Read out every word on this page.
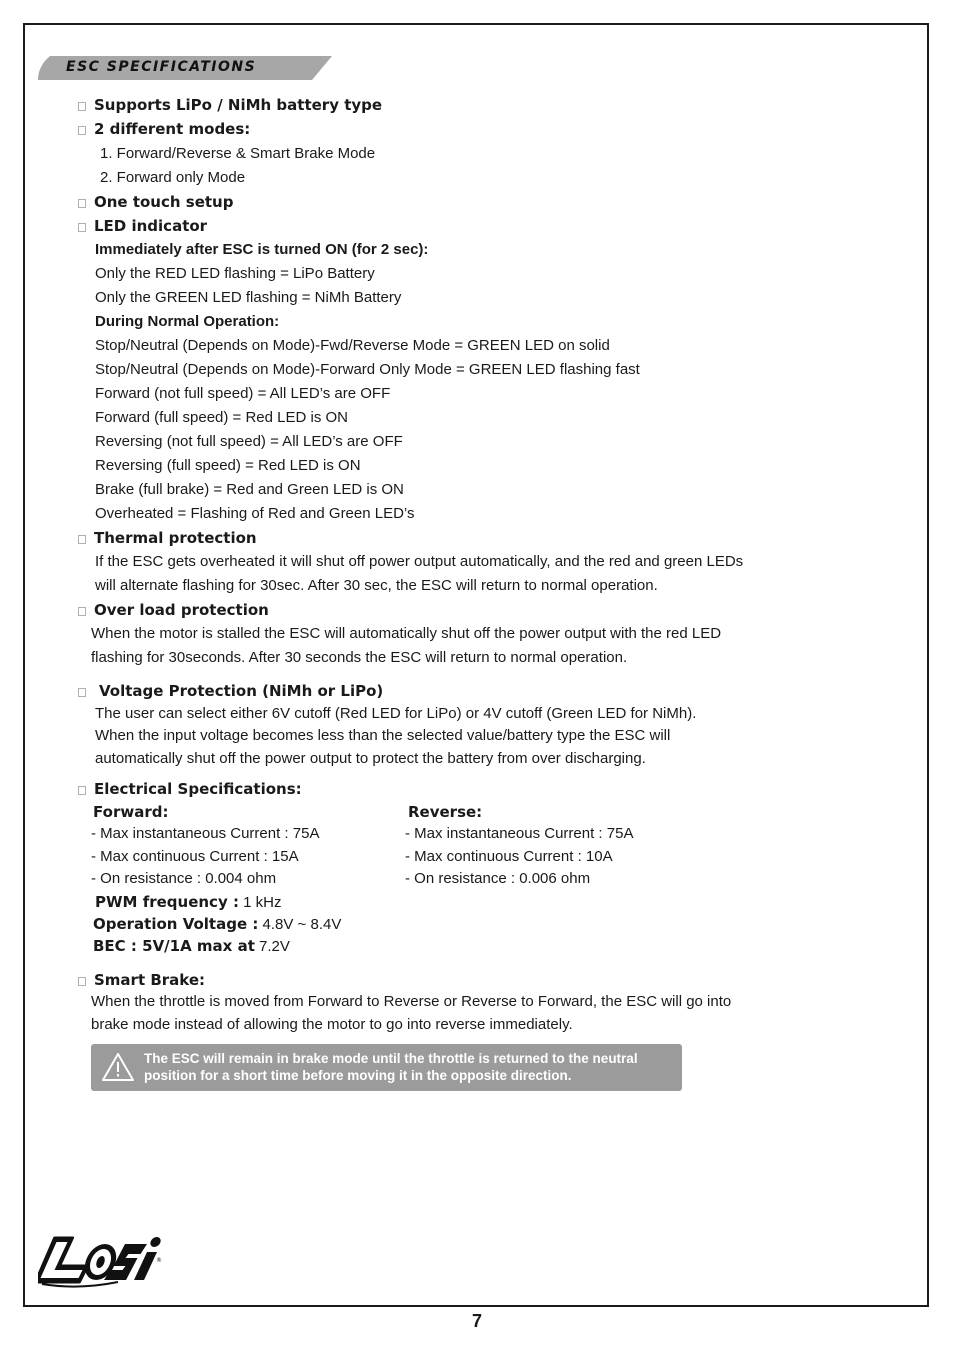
ESC SPECIFICATIONS
Supports LiPo / NiMh battery type
2 different modes:
1. Forward/Reverse & Smart Brake Mode
2. Forward only Mode
One touch setup
LED indicator
Immediately after ESC is turned ON (for 2 sec):
Only the RED LED flashing = LiPo Battery
Only the GREEN LED flashing = NiMh Battery
During Normal Operation:
Stop/Neutral (Depends on Mode)-Fwd/Reverse Mode = GREEN LED on solid
Stop/Neutral (Depends on Mode)-Forward Only Mode = GREEN LED flashing fast
Forward (not full speed) = All LED’s are OFF
Forward (full speed) = Red LED is ON
Reversing (not full speed) = All LED’s are OFF
Reversing (full speed) = Red LED is ON
Brake (full brake) = Red and Green LED is ON
Overheated = Flashing of Red and Green LED’s
Thermal protection
If the ESC gets overheated it will shut off power output automatically, and the red and green LEDs
will alternate flashing for 30sec. After 30 sec, the ESC will return to normal operation.
Over load protection
When the motor is stalled the ESC will automatically shut off the power output with the red LED
flashing for 30seconds. After 30 seconds the ESC will return to normal operation.
Voltage Protection (NiMh or LiPo)
The user can select either 6V cutoff (Red LED for LiPo) or 4V cutoff (Green LED for NiMh).
When the input voltage becomes less than the selected value/battery type the ESC will
automatically shut off the power output to protect the battery from over discharging.
Electrical Specifications:
Forward:	Reverse:
- Max instantaneous Current : 75A
- Max continuous Current : 15A
- On resistance : 0.004 ohm
- Max instantaneous Current : 75A
- Max continuous Current : 10A
- On resistance : 0.006 ohm
PWM frequency : 1 kHz
Operation Voltage : 4.8V ~ 8.4V
BEC : 5V/1A max at 7.2V
Smart Brake:
When the throttle is moved from Forward to Reverse or Reverse to Forward, the ESC will go into
brake mode instead of allowing the motor to go into reverse immediately.
The ESC will remain in brake mode until the throttle is returned to the neutral
position for a short time before moving it in the opposite direction.
®
7
